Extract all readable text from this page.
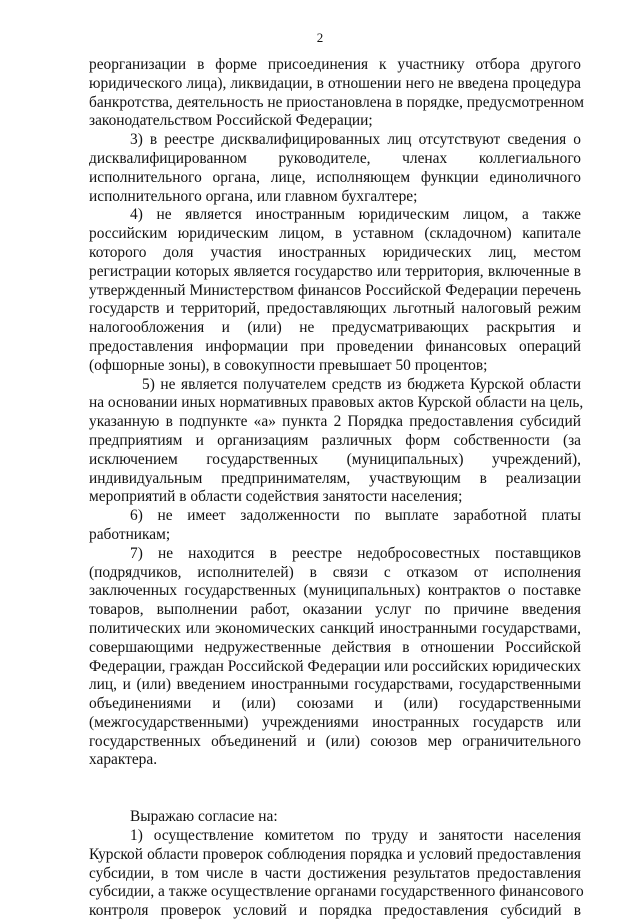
2
реорганизации в форме присоединения к участнику отбора другого
юридического лица), ликвидации, в отношении него не введена процедура
банкротства, деятельность не приостановлена в порядке, предусмотренном
законодательством Российской Федерации;
3) в реестре дисквалифицированных лиц отсутствуют сведения о
дисквалифицированном руководителе, членах коллегиального
исполнительного органа, лице, исполняющем функции единоличного
исполнительного органа, или главном бухгалтере;
4) не является иностранным юридическим лицом, а также
российским юридическим лицом, в уставном (складочном) капитале
которого доля участия иностранных юридических лиц, местом
регистрации которых является государство или территория, включенные в
утвержденный Министерством финансов Российской Федерации перечень
государств и территорий, предоставляющих льготный налоговый режим
налогообложения и (или) не предусматривающих раскрытия и
предоставления информации при проведении финансовых операций
(офшорные зоны), в совокупности превышает 50 процентов;
5) не является получателем средств из бюджета Курской области
на основании иных нормативных правовых актов Курской области на цель,
указанную в подпункте «а» пункта 2 Порядка предоставления субсидий
предприятиям и организациям различных форм собственности (за
исключением государственных (муниципальных) учреждений),
индивидуальным предпринимателям, участвующим в реализации
мероприятий в области содействия занятости населения;
6) не имеет задолженности по выплате заработной платы
работникам;
7) не находится в реестре недобросовестных поставщиков
(подрядчиков, исполнителей) в связи с отказом от исполнения
заключенных государственных (муниципальных) контрактов о поставке
товаров, выполнении работ, оказании услуг по причине введения
политических или экономических санкций иностранными государствами,
совершающими недружественные действия в отношении Российской
Федерации, граждан Российской Федерации или российских юридических
лиц, и (или) введением иностранными государствами, государственными
объединениями и (или) союзами и (или) государственными
(межгосударственными) учреждениями иностранных государств или
государственных объединений и (или) союзов мер ограничительного
характера.
Выражаю согласие на:
1) осуществление комитетом по труду и занятости населения
Курской области проверок соблюдения порядка и условий предоставления
субсидии, в том числе в части достижения результатов предоставления
субсидии, а также осуществление органами государственного финансового
контроля проверок условий и порядка предоставления субсидий в
